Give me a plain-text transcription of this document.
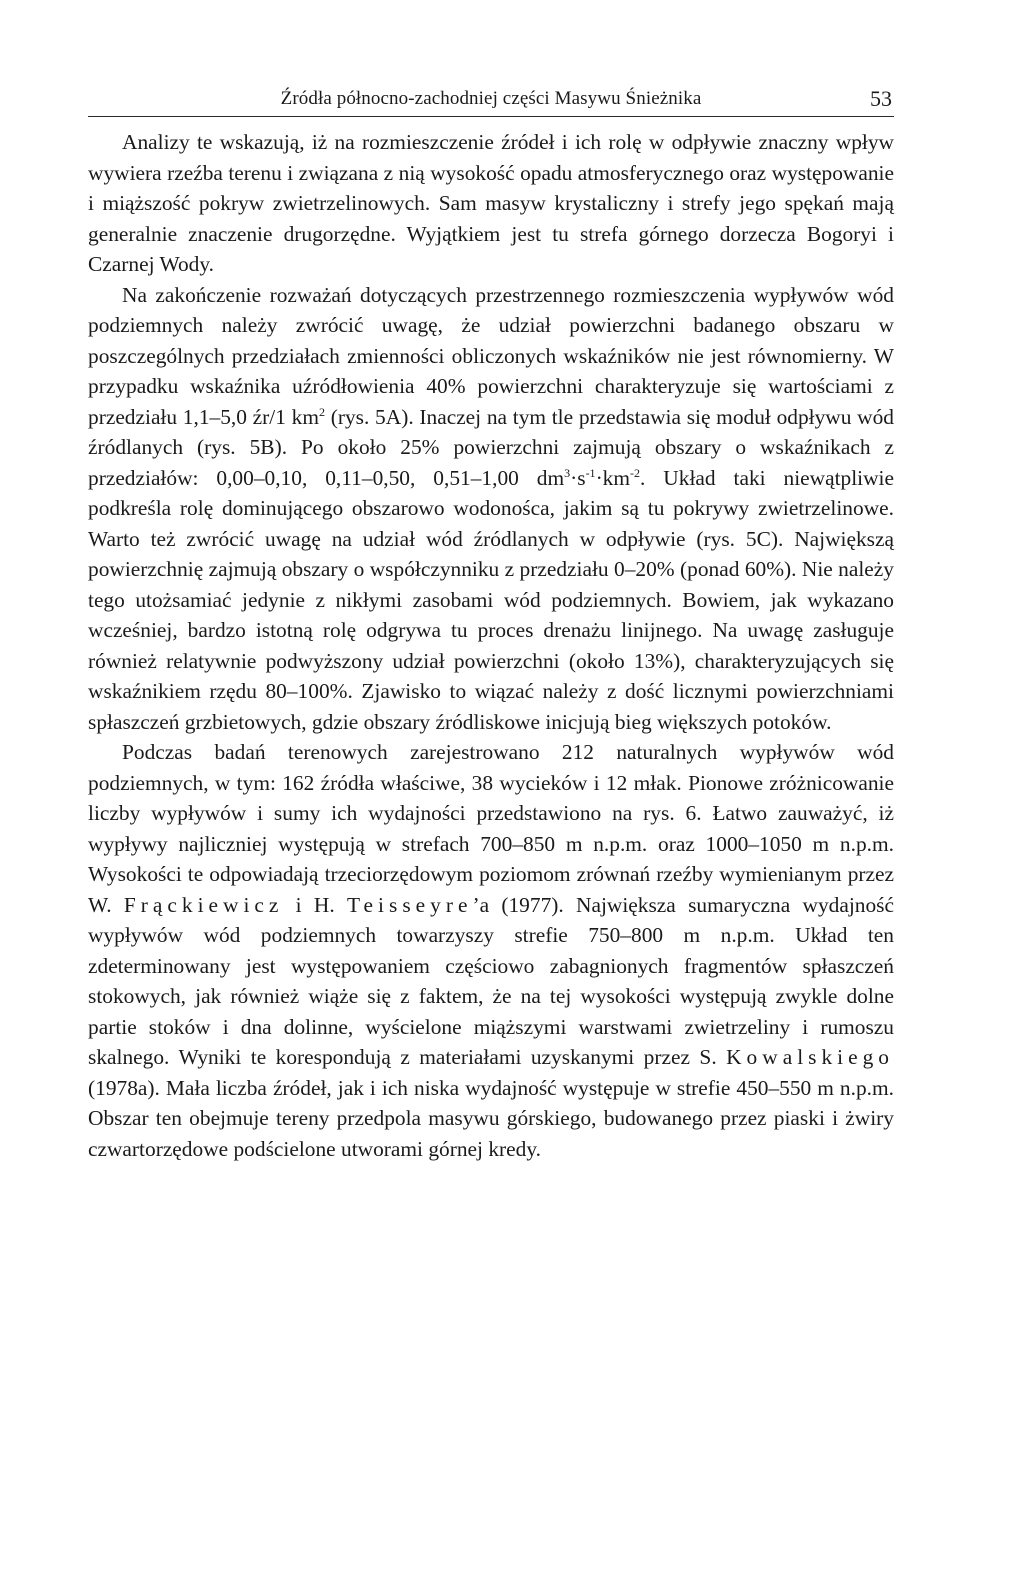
Źródła północno-zachodniej części Masywu Śnieżnika	53

Analizy te wskazują, iż na rozmieszczenie źródeł i ich rolę w odpływie znaczny wpływ wywiera rzeźba terenu i związana z nią wysokość opadu atmosferycznego oraz występowanie i miąższość pokryw zwietrzelinowych. Sam masyw krystaliczny i strefy jego spękań mają generalnie znaczenie drugorzędne. Wyjątkiem jest tu strefa górnego dorzecza Bogoryi i Czarnej Wody.

Na zakończenie rozważań dotyczących przestrzennego rozmieszczenia wypływów wód podziemnych należy zwrócić uwagę, że udział powierzchni badanego obszaru w poszczególnych przedziałach zmienności obliczonych wskaźników nie jest równomierny. W przypadku wskaźnika uźródłowienia 40% powierzchni charakteryzuje się wartościami z przedziału 1,1–5,0 źr/1 $km^2$ (rys. 5A). Inaczej na tym tle przedstawia się moduł odpływu wód źródlanych (rys. 5B). Po około 25% powierzchni zajmują obszary o wskaźnikach z przedziałów: 0,00–0,10, 0,11–0,50, 0,51–1,00 $dm^3\cdot s^{-1}\cdot km^{-2}$. Układ taki niewątpliwie podkreśla rolę dominującego obszarowo wodonośca, jakim są tu pokrywy zwietrzelinowe. Warto też zwrócić uwagę na udział wód źródlanych w odpływie (rys. 5C). Największą powierzchnię zajmują obszary o współczynniku z przedziału 0–20% (ponad 60%). Nie należy tego utożsamiać jedynie z nikłymi zasobami wód podziemnych. Bowiem, jak wykazano wcześniej, bardzo istotną rolę odgrywa tu proces drenażu linijnego. Na uwagę zasługuje również relatywnie podwyższony udział powierzchni (około 13%), charakteryzujących się wskaźnikiem rzędu 80–100%. Zjawisko to wiązać należy z dość licznymi powierzchniami spłaszczeń grzbietowych, gdzie obszary źródliskowe inicjują bieg większych potoków.

Podczas badań terenowych zarejestrowano 212 naturalnych wypływów wód podziemnych, w tym: 162 źródła właściwe, 38 wycieków i 12 młak. Pionowe zróżnicowanie liczby wypływów i sumy ich wydajności przedstawiono na rys. 6. Łatwo zauważyć, iż wypływy najliczniej występują w strefach 700–850 m n.p.m. oraz 1000–1050 m n.p.m. Wysokości te odpowiadają trzeciorzędowym poziomom zrównań rzeźby wymienianym przez W. Frąckiewicz i H. Teisseyre’a (1977). Największa sumaryczna wydajność wypływów wód podziemnych towarzyszy strefie 750–800 m n.p.m. Układ ten zdeterminowany jest występowaniem częściowo zabagnionych fragmentów spłaszczeń stokowych, jak również wiąże się z faktem, że na tej wysokości występują zwykle dolne partie stoków i dna dolinne, wyścielone miąższymi warstwami zwietrzeliny i rumoszu skalnego. Wyniki te korespondują z materiałami uzyskanymi przez S. Kowalskiego (1978a). Mała liczba źródeł, jak i ich niska wydajność występuje w strefie 450–550 m n.p.m. Obszar ten obejmuje tereny przedpola masywu górskiego, budowanego przez piaski i żwiry czwartorzędowe podścielone utworami górnej kredy.
